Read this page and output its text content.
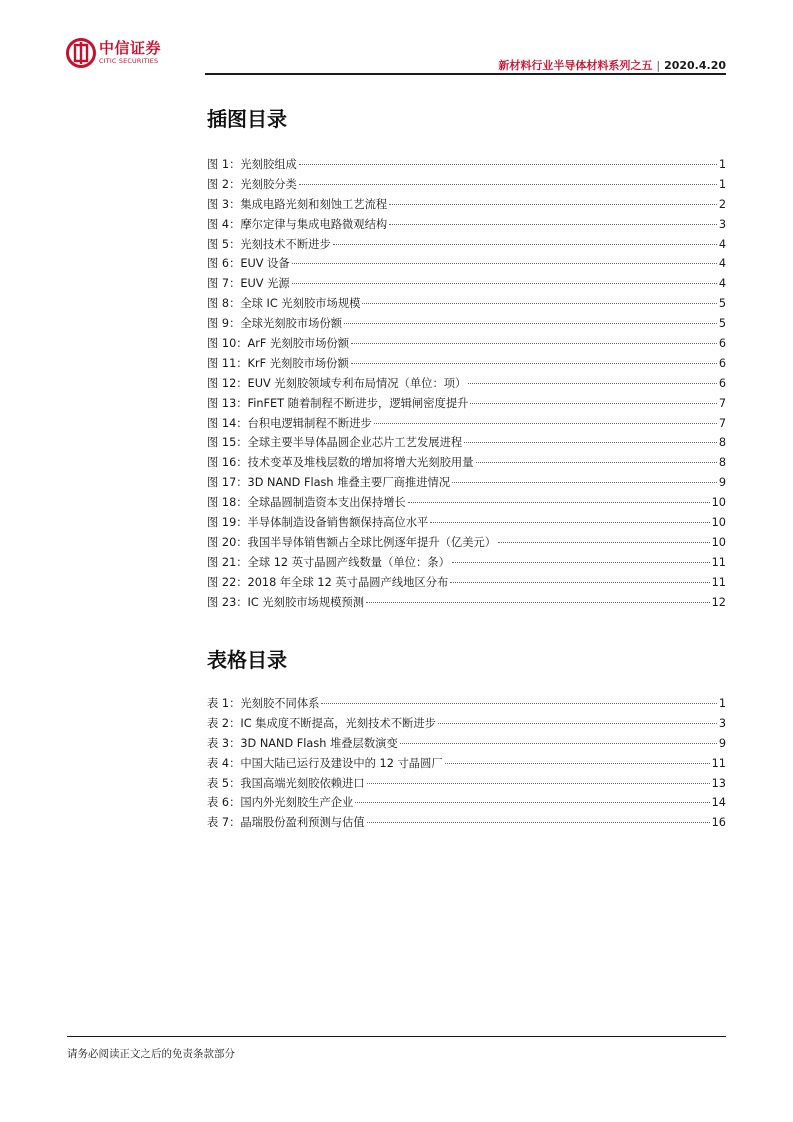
中信证券
CITIC SECURITIES	新材料行业半导体材料系列之五 | 2020.4.20
插图目录
图 1：光刻胶组成	1
图 2：光刻胶分类	1
图 3：集成电路光刻和刻蚀工艺流程	2
图 4：摩尔定律与集成电路微观结构	3
图 5：光刻技术不断进步	4
图 6：EUV 设备	4
图 7：EUV 光源	4
图 8：全球 IC 光刻胶市场规模	5
图 9：全球光刻胶市场份额	5
图 10：ArF 光刻胶市场份额	6
图 11：KrF 光刻胶市场份额	6
图 12：EUV 光刻胶领域专利布局情况（单位：项）	6
图 13：FinFET 随着制程不断进步，逻辑闸密度提升	7
图 14：台积电逻辑制程不断进步	7
图 15：全球主要半导体晶圆企业芯片工艺发展进程	8
图 16：技术变革及堆栈层数的增加将增大光刻胶用量	8
图 17：3D NAND Flash 堆叠主要厂商推进情况	9
图 18：全球晶圆制造资本支出保持增长	10
图 19：半导体制造设备销售额保持高位水平	10
图 20：我国半导体销售额占全球比例逐年提升（亿美元）	10
图 21：全球 12 英寸晶圆产线数量（单位：条）	11
图 22：2018 年全球 12 英寸晶圆产线地区分布	11
图 23：IC 光刻胶市场规模预测	12
表格目录
表 1：光刻胶不同体系	1
表 2：IC 集成度不断提高，光刻技术不断进步	3
表 3：3D NAND Flash 堆叠层数演变	9
表 4：中国大陆已运行及建设中的 12 寸晶圆厂	11
表 5：我国高端光刻胶依赖进口	13
表 6：国内外光刻胶生产企业	14
表 7：晶瑞股份盈利预测与估值	16
请务必阅读正文之后的免责条款部分
